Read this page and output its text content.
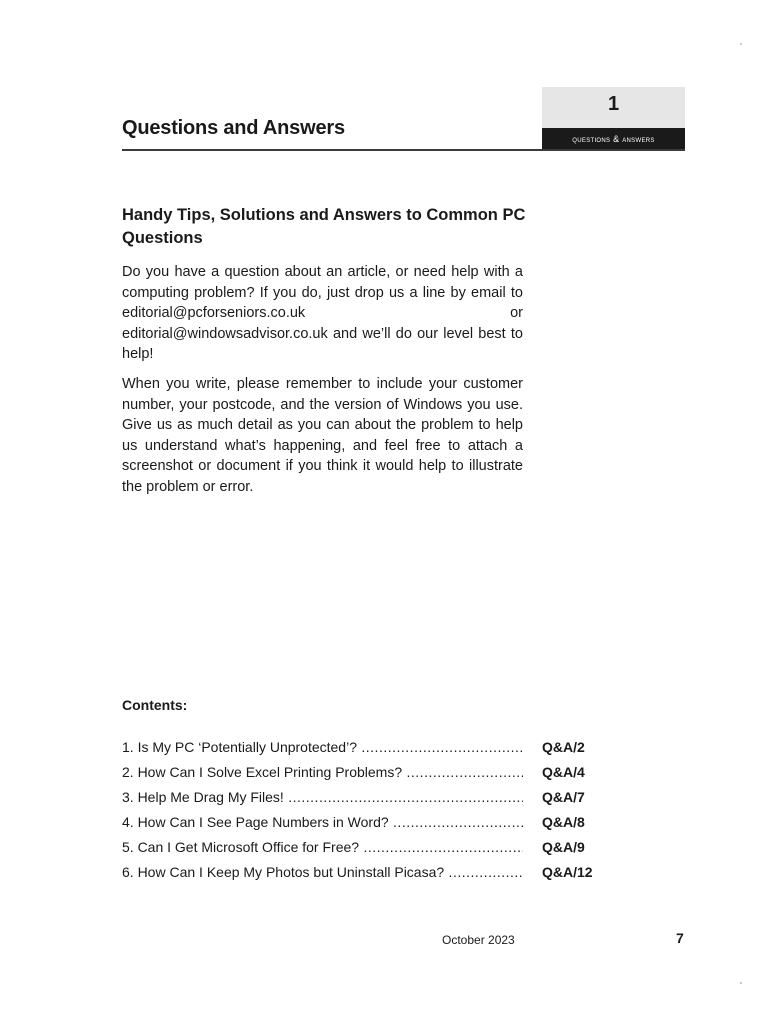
Questions and Answers
1
questions & answers
Handy Tips, Solutions and Answers to Common PC Questions
Do you have a question about an article, or need help with a computing problem? If you do, just drop us a line by email to editorial@pcforseniors.co.uk or editorial@windowsadvisor.co.uk and we’ll do our level best to help!
When you write, please remember to include your customer number, your postcode, and the version of Windows you use. Give us as much detail as you can about the problem to help us understand what’s happening, and feel free to attach a screenshot or document if you think it would help to illustrate the problem or error.
Contents:
1. Is My PC ‘Potentially Unprotected’? .....	Q&A/2
2. How Can I Solve Excel Printing Problems? .....	Q&A/4
3. Help Me Drag My Files! .....	Q&A/7
4. How Can I See Page Numbers in Word? .....	Q&A/8
5. Can I Get Microsoft Office for Free? .....	Q&A/9
6. How Can I Keep My Photos but Uninstall Picasa? .....	Q&A/12
October 2023	7
